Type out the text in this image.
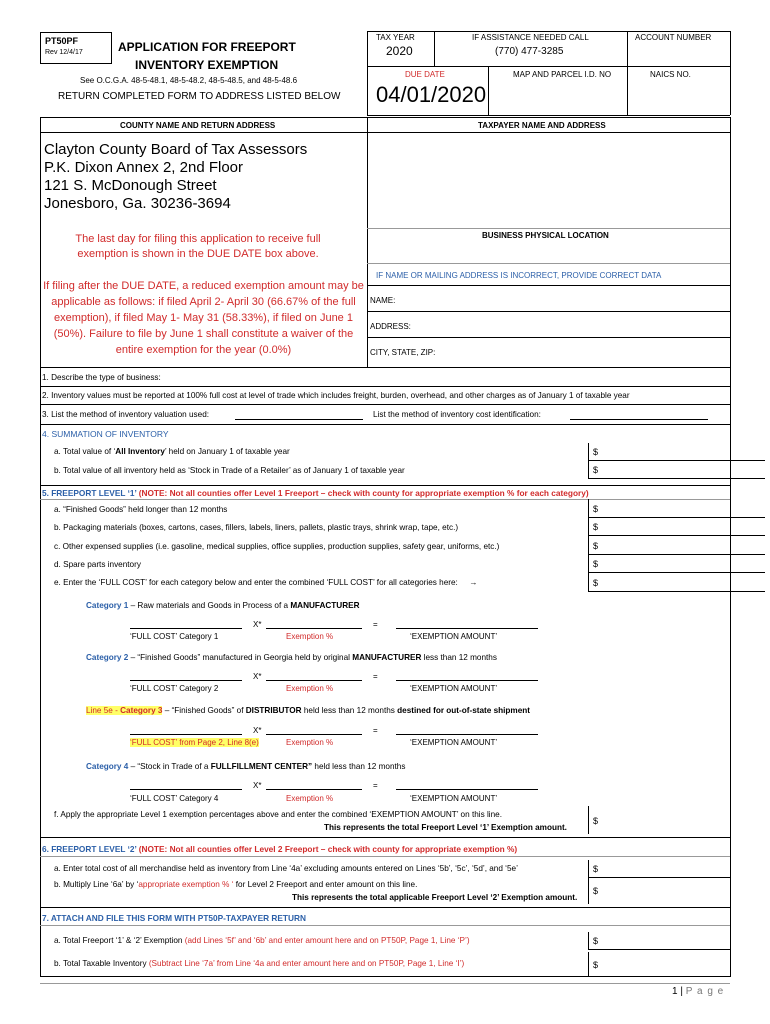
PT50PF
Rev 12/4/17	APPLICATION FOR FREEPORT
INVENTORY EXEMPTION
See O.C.G.A. 48-5-48.1, 48-5-48.2, 48-5-48.5, and 48-5-48.6
RETURN COMPLETED FORM TO ADDRESS LISTED BELOW
TAX YEAR
2020
IF ASSISTANCE NEEDED CALL
(770) 477-3285
ACCOUNT NUMBER
DUE DATE
04/01/2020
MAP AND PARCEL I.D. NO	NAICS NO.
COUNTY NAME AND RETURN ADDRESS	TAXPAYER NAME AND ADDRESS
Clayton County Board of Tax Assessors
P.K. Dixon Annex 2, 2nd Floor
121 S. McDonough Street
Jonesboro, Ga. 30236-3694
The last day for filing this application to receive full exemption is shown in the DUE DATE box above.
If filing after the DUE DATE, a reduced exemption amount may be applicable as follows: if filed April 2- April 30 (66.67% of the full exemption), if filed May 1- May 31 (58.33%), if filed on June 1 (50%). Failure to file by June 1 shall constitute a waiver of the entire exemption for the year (0.0%)
BUSINESS PHYSICAL LOCATION
IF NAME OR MAILING ADDRESS IS INCORRECT, PROVIDE CORRECT DATA
NAME:
ADDRESS:
CITY, STATE, ZIP:
1. Describe the type of business:
2. Inventory values must be reported at 100% full cost at level of trade which includes freight, burden, overhead, and other charges as of January 1 of taxable year
3. List the method of inventory valuation used:	List the method of inventory cost identification:
4. SUMMATION OF INVENTORY
a. Total value of ‘All Inventory’ held on January 1 of taxable year	$
b. Total value of all inventory held as ‘Stock in Trade of a Retailer’ as of January 1 of taxable year	$
5. FREEPORT LEVEL ‘1’ (NOTE: Not all counties offer Level 1 Freeport – check with county for appropriate exemption % for each category)
a. “Finished Goods” held longer than 12 months	$
b. Packaging materials (boxes, cartons, cases, fillers, labels, liners, pallets, plastic trays, shrink wrap, tape, etc.)	$
c. Other expensed supplies (i.e. gasoline, medical supplies, office supplies, production supplies, safety gear, uniforms, etc.)	$
d. Spare parts inventory	$
e. Enter the ‘FULL COST’ for each category below and enter the combined ‘FULL COST’ for all categories here: →	$
Category 1 – Raw materials and Goods in Process of a MANUFACTURER
X*	=
‘FULL COST’ Category 1	Exemption %	‘EXEMPTION AMOUNT’
Category 2 – “Finished Goods” manufactured in Georgia held by original MANUFACTURER less than 12 months
X*	=
‘FULL COST’ Category 2	Exemption %	‘EXEMPTION AMOUNT’
Line 5e - Category 3 – “Finished Goods” of DISTRIBUTOR held less than 12 months destined for out-of-state shipment
X*	=
‘FULL COST’ from Page 2, Line 8(e)	Exemption %	‘EXEMPTION AMOUNT’
Category 4 – “Stock in Trade of a FULLFILLMENT CENTER” held less than 12 months
X*	=
‘FULL COST’ Category 4	Exemption %	‘EXEMPTION AMOUNT’
f. Apply the appropriate Level 1 exemption percentages above and enter the combined ‘EXEMPTION AMOUNT’ on this line.
This represents the total Freeport Level ‘1’ Exemption amount.
$
6. FREEPORT LEVEL ‘2’ (NOTE: Not all counties offer Level 2 Freeport – check with county for appropriate exemption %)
a. Enter total cost of all merchandise held as inventory from Line ‘4a’ excluding amounts entered on Lines ‘5b’, ‘5c’, ‘5d’, and ‘5e’	$
b. Multiply Line ‘6a’ by ‘appropriate exemption % ‘ for Level 2 Freeport and enter amount on this line.
This represents the total applicable Freeport Level ‘2’ Exemption amount.
$
7. ATTACH AND FILE THIS FORM WITH PT50P-TAXPAYER RETURN
a. Total Freeport ‘1’ & ‘2’ Exemption (add Lines ‘5f’ and ‘6b’ and enter amount here and on PT50P, Page 1, Line ‘P’)	$
b. Total Taxable Inventory (Subtract Line ‘7a’ from Line ‘4a and enter amount here and on PT50P, Page 1, Line ‘I’)	$
1 | P a g e
